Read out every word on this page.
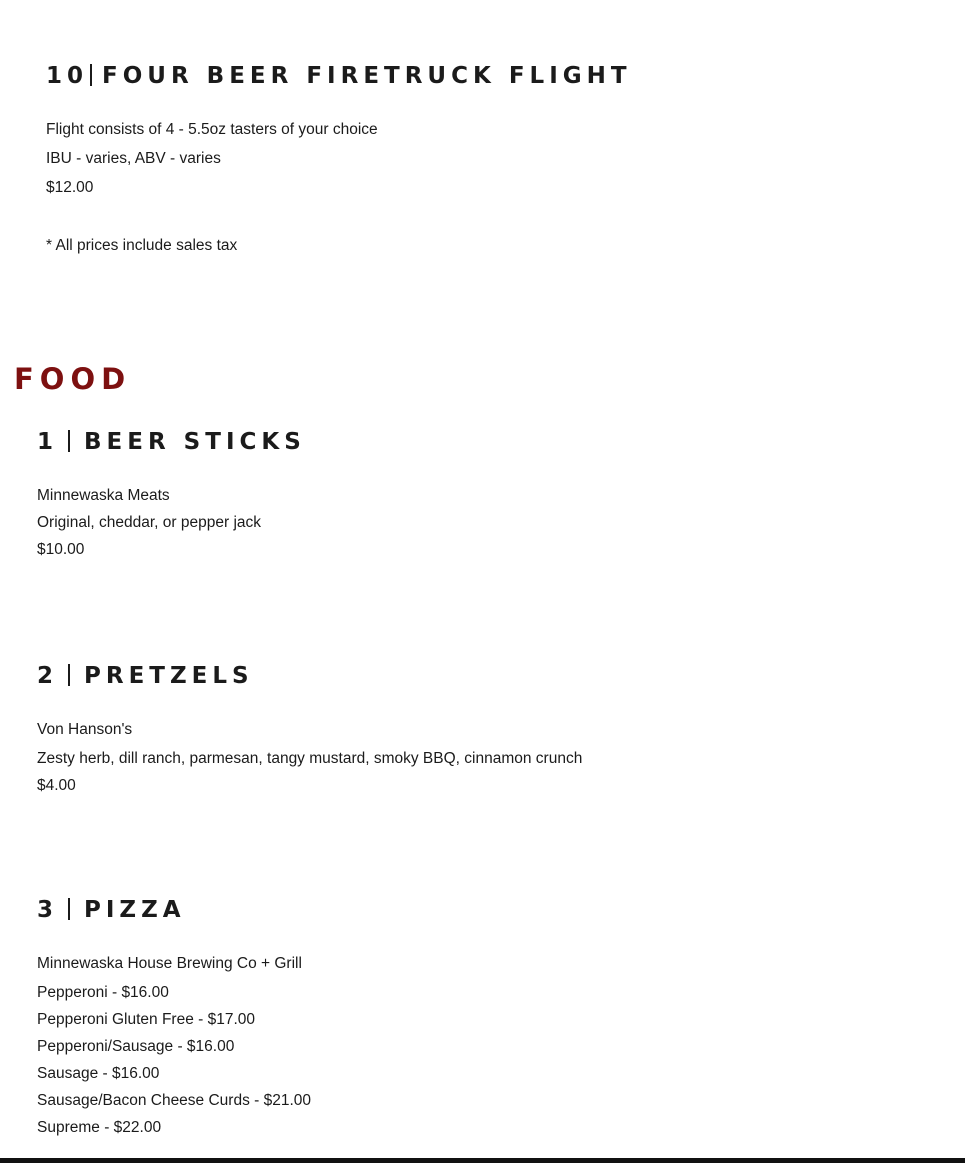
10 FOUR BEER FIRETRUCK FLIGHT

Flight consists of 4 - 5.5oz tasters of your choice

IBU - varies, ABV - varies

$12.00

* All prices include sales tax

FOOD
1 BEER STICKS

Minnewaska Meats

Original, cheddar, or pepper jack

$10.00

2 PRETZELS

Von Hanson's

Zesty herb, dill ranch, parmesan, tangy mustard, smoky BBQ, cinnamon crunch

$4.00

3 PIZZA

Minnewaska House Brewing Co + Grill

Pepperoni - $16.00

Pepperoni Gluten Free - $17.00

Pepperoni/Sausage - $16.00

Sausage - $16.00

Sausage/Bacon Cheese Curds - $21.00

Supreme - $22.00
